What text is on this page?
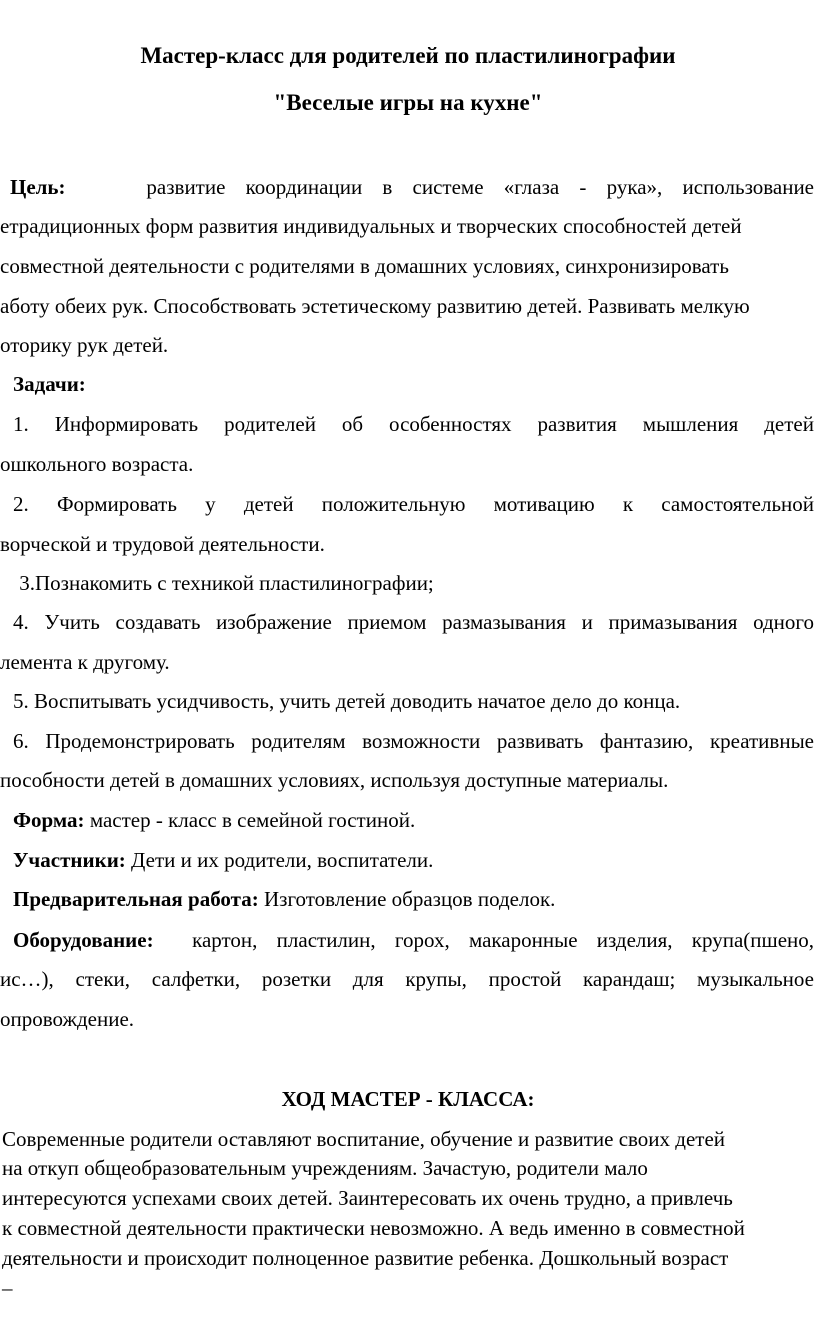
Мастер-класс для родителей по пластилинографии
"Веселые игры на кухне"
Цель:	развитие координации в системе «глаза - рука», использование
етрадиционных форм развития индивидуальных и творческих способностей детей
совместной деятельности с родителями в домашних условиях, синхронизировать
аботу обеих рук. Способствовать эстетическому развитию детей. Развивать мелкую
оторику рук детей.
Задачи:
1. Информировать родителей об особенностях развития мышления детей
ошкольного возраста.
2. Формировать у детей положительную мотивацию к самостоятельной
ворческой и трудовой деятельности.
3.Познакомить с техникой пластилинографии;
4. Учить создавать изображение приемом размазывания и примазывания одного
лемента к другому.
5. Воспитывать усидчивость, учить детей доводить начатое дело до конца.
6. Продемонстрировать родителям возможности развивать фантазию, креативные
пособности детей в домашних условиях, используя доступные материалы.
Форма: мастер - класс в семейной гостиной.
Участники: Дети и их родители, воспитатели.
Предварительная работа: Изготовление образцов поделок.
Оборудование: картон, пластилин, горох, макаронные изделия, крупа(пшено,
ис…), стеки, салфетки, розетки для крупы, простой карандаш; музыкальное
опровождение.
ХОД МАСТЕР - КЛАССА:
Современные родители оставляют воспитание, обучение и развитие своих детей
на откуп общеобразовательным учреждениям. Зачастую, родители мало
интересуются успехами своих детей. Заинтересовать их очень трудно, а привлечь
к совместной деятельности практически невозможно. А ведь именно в совместной
деятельности и происходит полноценное развитие ребенка. Дошкольный возраст
–
